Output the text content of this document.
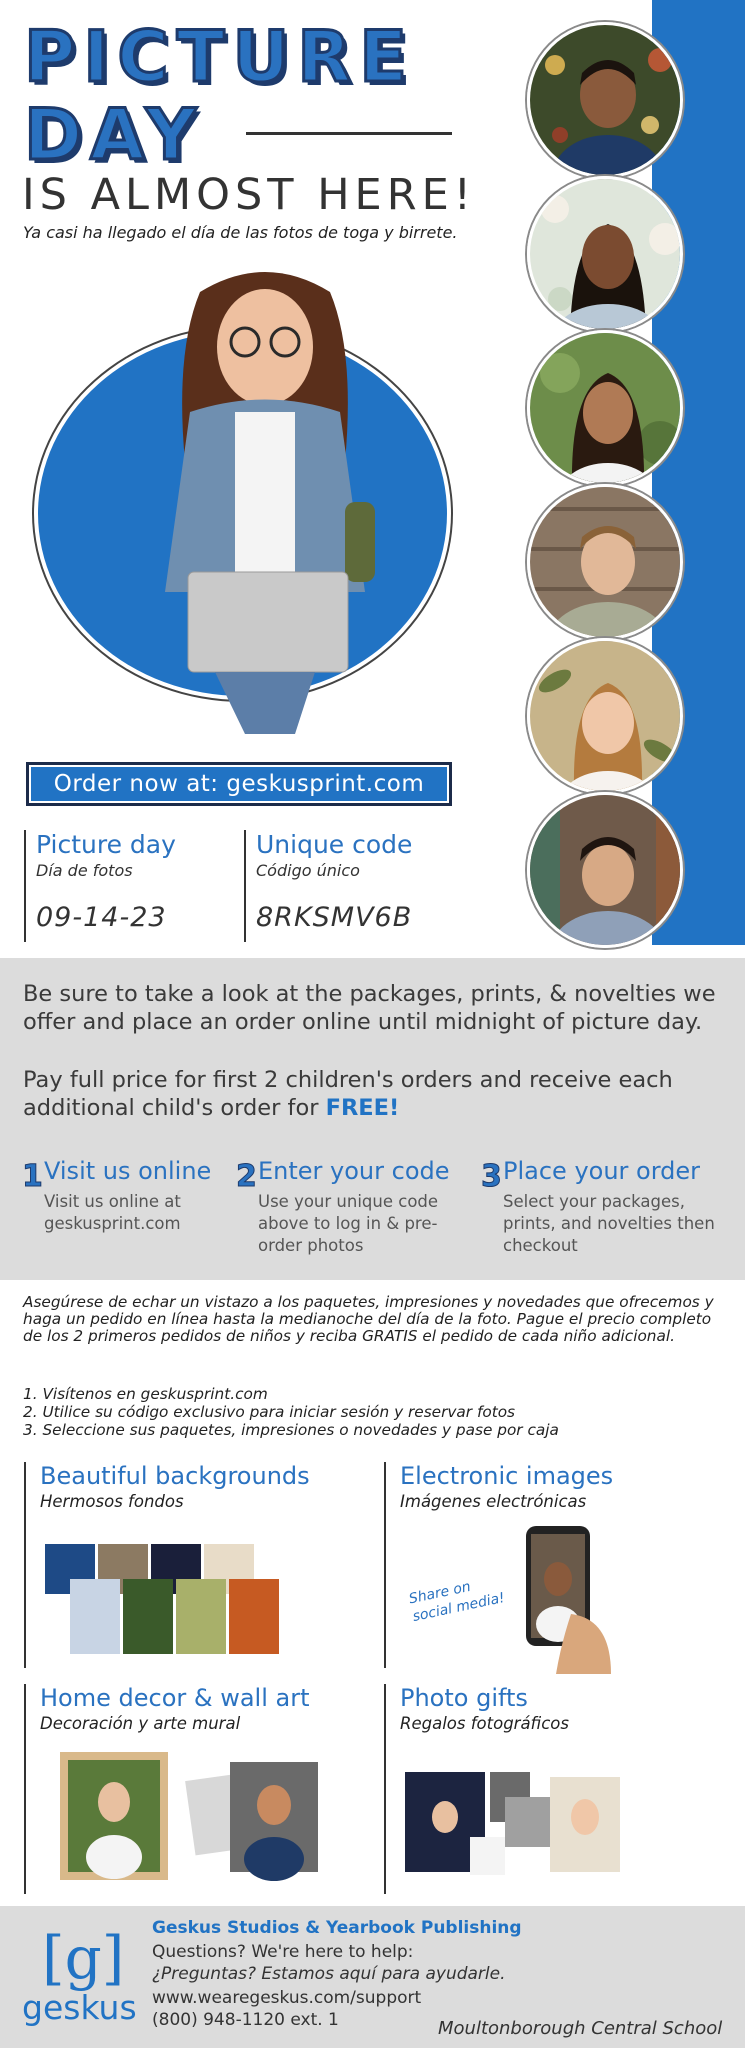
PICTURE
DAY
IS ALMOST HERE!
Ya casi ha llegado el día de las fotos de toga y birrete.
Order now at: geskusprint.com
Picture day
Día de fotos
09-14-23
Unique code
Código único
8RKSMV6B

Be sure to take a look at the packages, prints, & novelties we offer and place an order online until midnight of picture day.

Pay full price for first 2 children's orders and receive each additional child's order for FREE!

1 Visit us online
Visit us online at geskusprint.com
2 Enter your code
Use your unique code above to log in & pre-order photos
3 Place your order
Select your packages, prints, and novelties then checkout
Asegúrese de echar un vistazo a los paquetes, impresiones y novedades que ofrecemos y haga un pedido en línea hasta la medianoche del día de la foto. Pague el precio completo de los 2 primeros pedidos de niños y reciba GRATIS el pedido de cada niño adicional.
1. Visítenos en geskusprint.com
2. Utilice su código exclusivo para iniciar sesión y reservar fotos
3. Seleccione sus paquetes, impresiones o novedades y pase por caja
Beautiful backgrounds
Hermosos fondos
Electronic images
Imágenes electrónicas
Share on social media!
Home decor & wall art
Decoración y arte mural
Photo gifts
Regalos fotográficos
[g]
geskus
Geskus Studios & Yearbook Publishing
Questions? We're here to help:
¿Preguntas? Estamos aquí para ayudarle.
www.wearegeskus.com/support
(800) 948-1120 ext. 1	Moultonborough Central School
